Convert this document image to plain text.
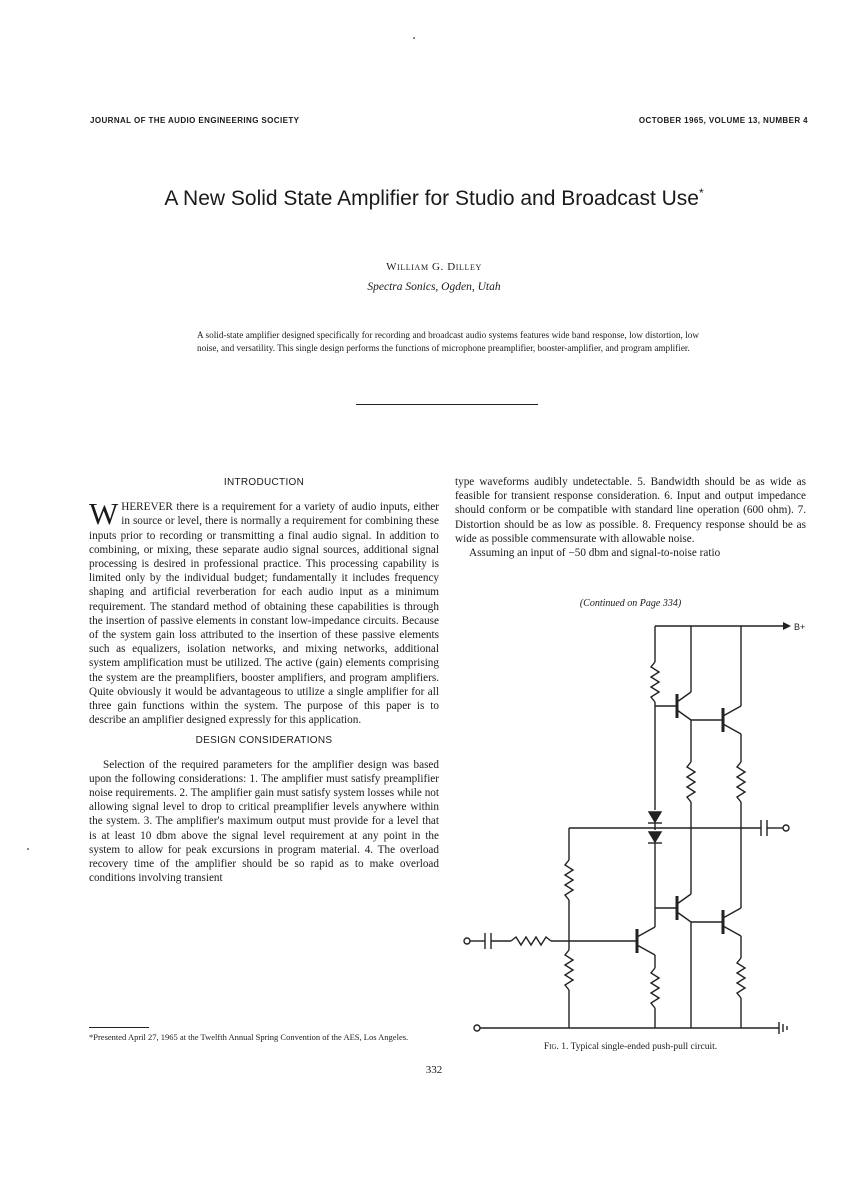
JOURNAL OF THE AUDIO ENGINEERING SOCIETY	OCTOBER 1965, VOLUME 13, NUMBER 4
A New Solid State Amplifier for Studio and Broadcast Use*
William G. Dilley
Spectra Sonics, Ogden, Utah
A solid-state amplifier designed specifically for recording and broadcast audio systems features wide band response, low distortion, low noise, and versatility. This single design performs the functions of microphone preamplifier, booster-amplifier, and program amplifier.
INTRODUCTION

WHEREVER there is a requirement for a variety of audio inputs, either in source or level, there is normally a requirement for combining these inputs prior to recording or transmitting a final audio signal. In addition to combining, or mixing, these separate audio signal sources, additional signal processing is desired in professional practice. This processing capability is limited only by the individual budget; fundamentally it includes frequency shaping and artificial reverberation for each audio input as a minimum requirement. The standard method of obtaining these capabilities is through the insertion of passive elements in constant low-impedance circuits. Because of the system gain loss attributed to the insertion of these passive elements such as equalizers, isolation networks, and mixing networks, additional system amplification must be utilized. The active (gain) elements comprising the system are the preamplifiers, booster amplifiers, and program amplifiers. Quite obviously it would be advantageous to utilize a single amplifier for all three gain functions within the system. The purpose of this paper is to describe an amplifier designed expressly for this application.

DESIGN CONSIDERATIONS

Selection of the required parameters for the amplifier design was based upon the following considerations: 1. The amplifier must satisfy preamplifier noise requirements. 2. The amplifier gain must satisfy system losses while not allowing signal level to drop to critical preamplifier levels anywhere within the system. 3. The amplifier's maximum output must provide for a level that is at least 10 dbm above the signal level requirement at any point in the system to allow for peak excursions in program material. 4. The overload recovery time of the amplifier should be so rapid as to make overload conditions involving transient

*Presented April 27, 1965 at the Twelfth Annual Spring Convention of the AES, Los Angeles.

type waveforms audibly undetectable. 5. Bandwidth should be as wide as feasible for transient response consideration. 6. Input and output impedance should conform or be compatible with standard line operation (600 ohm). 7. Distortion should be as low as possible. 8. Frequency response should be as wide as possible commensurate with allowable noise.

Assuming an input of −50 dbm and signal-to-noise ratio

(Continued on Page 334)
B+
Fig. 1. Typical single-ended push-pull circuit.
332
